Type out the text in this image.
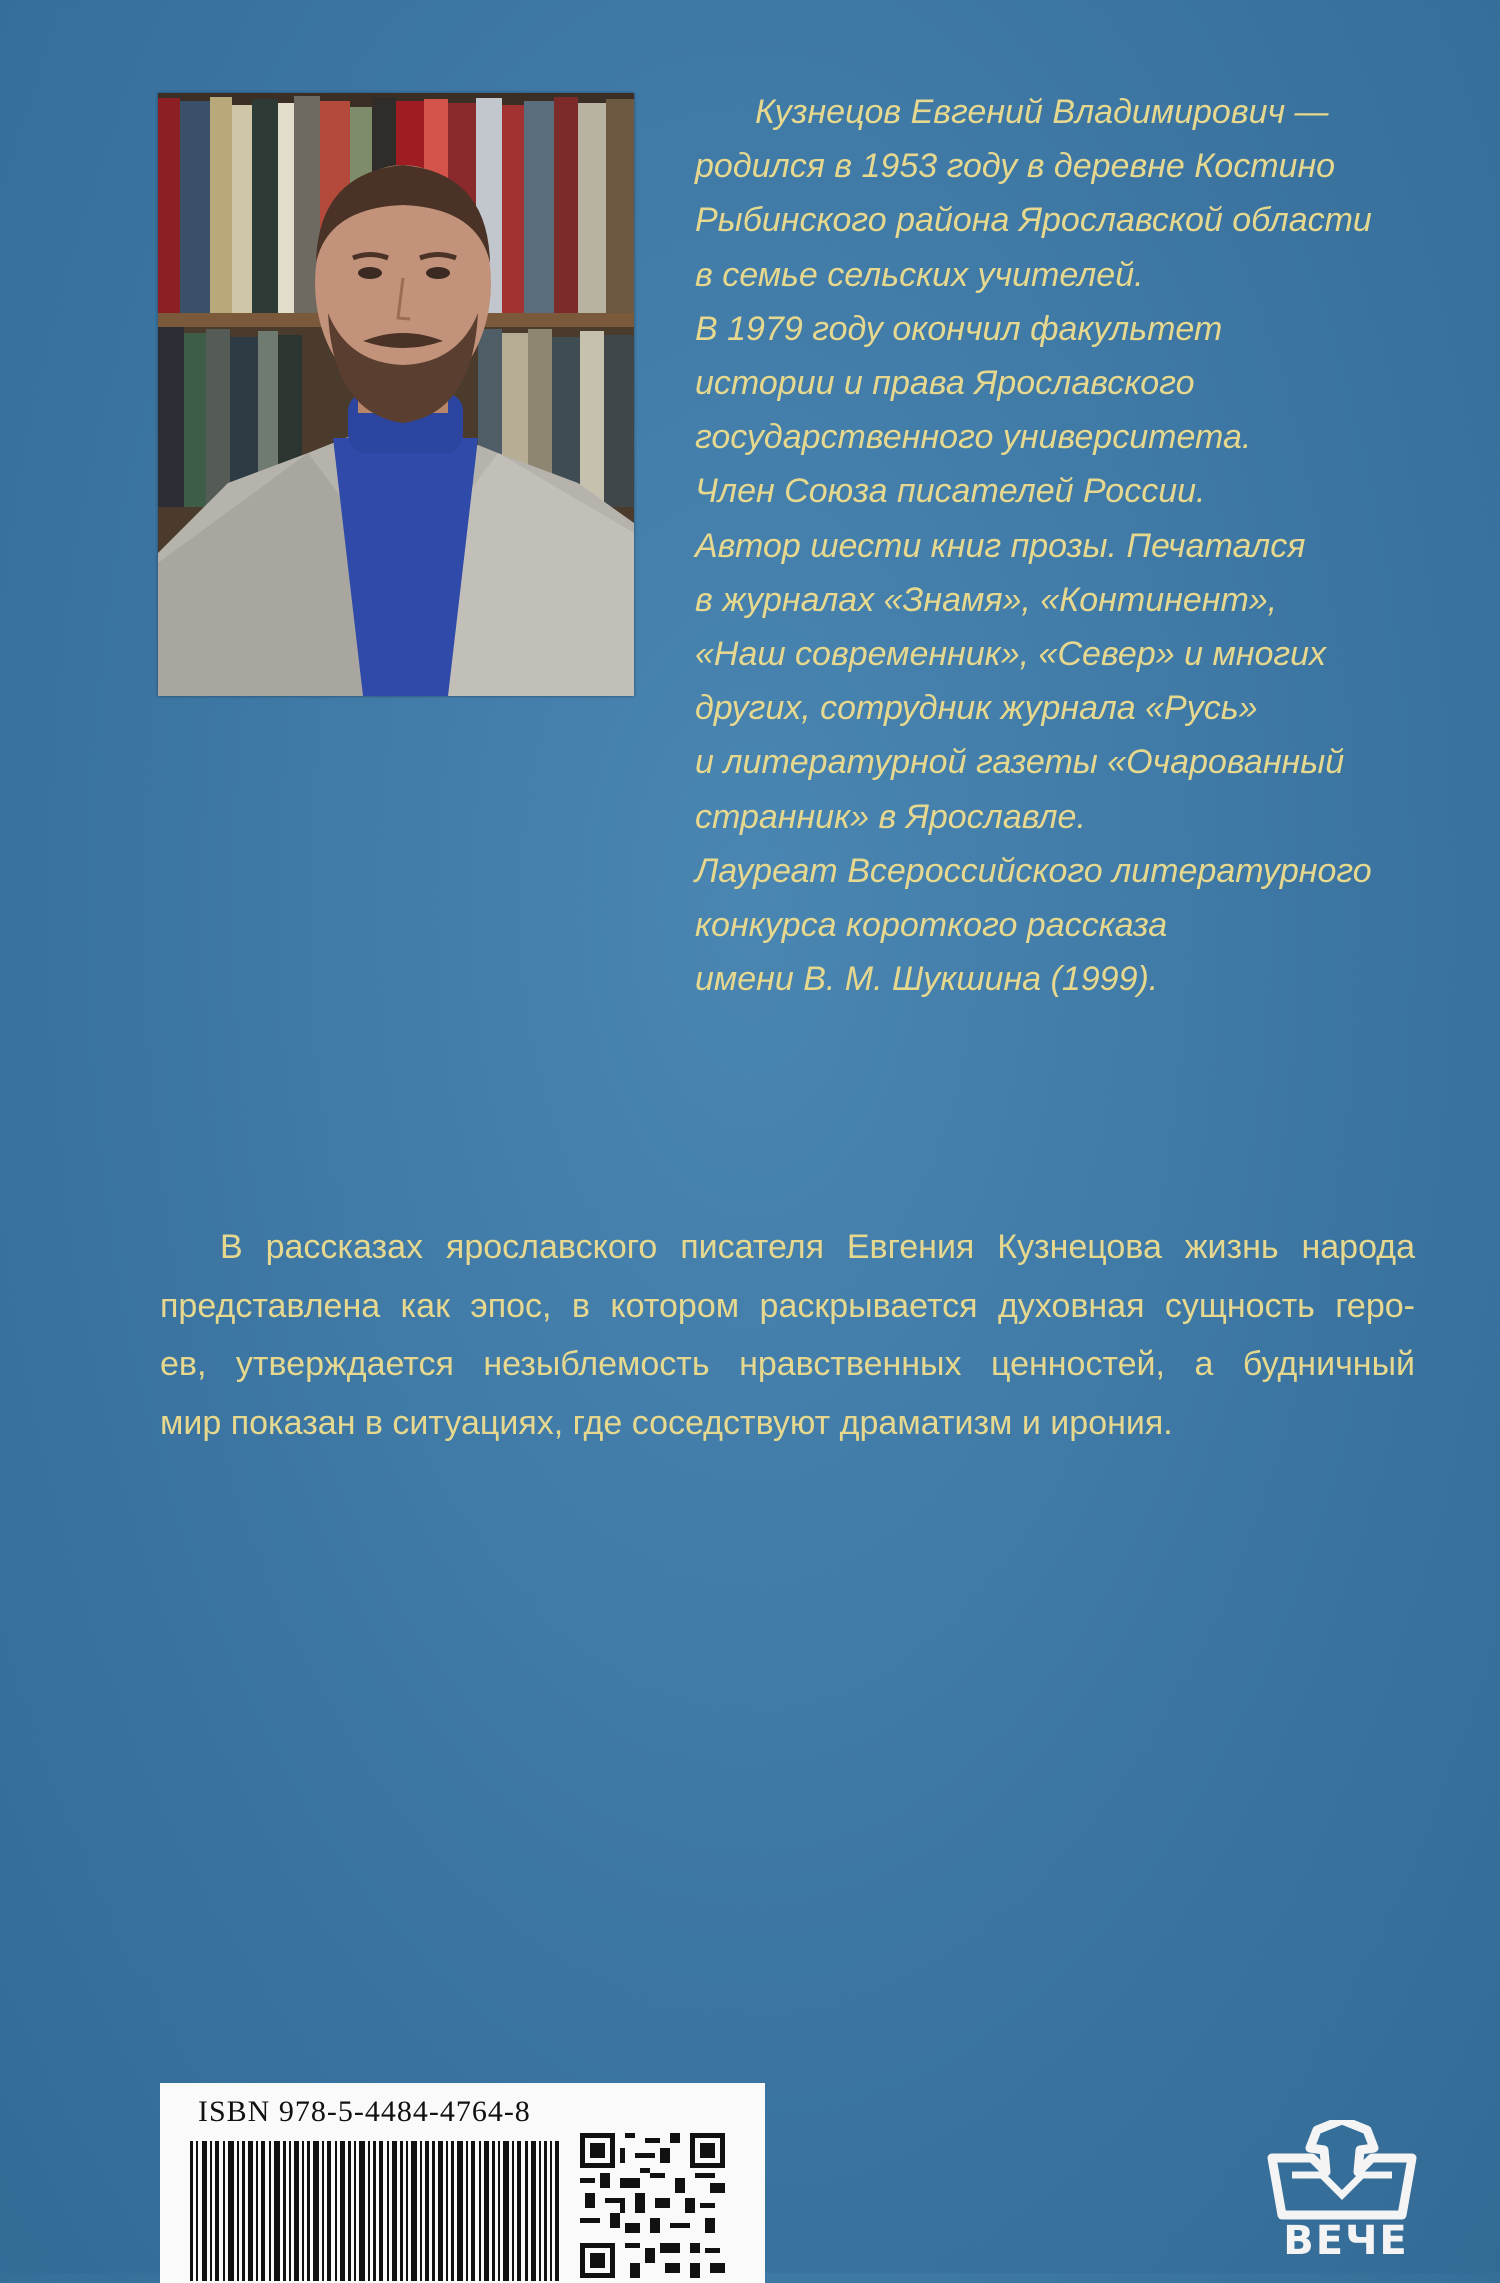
Кузнецов Евгений Владимирович —

родился в 1953 году в деревне Костино

Рыбинского района Ярославской области

в семье сельских учителей.

В 1979 году окончил факультет

истории и права Ярославского

государственного университета.

Член Союза писателей России.

Автор шести книг прозы. Печатался

в журналах «Знамя», «Континент»,

«Наш современник», «Север» и многих

других, сотрудник журнала «Русь»

и литературной газеты «Очарованный

странник» в Ярославле.

Лауреат Всероссийского литературного

конкурса короткого рассказа

имени В. М. Шукшина (1999).

В рассказах ярославского писателя Евгения Кузнецова жизнь народа

представлена как эпос, в котором раскрывается духовная сущность геро-

ев, утверждается незыблемость нравственных ценностей, а будничный

мир показан в ситуациях, где соседствуют драматизм и ирония.

ISBN 978-5-4484-4764-8
ВЕЧЕ
